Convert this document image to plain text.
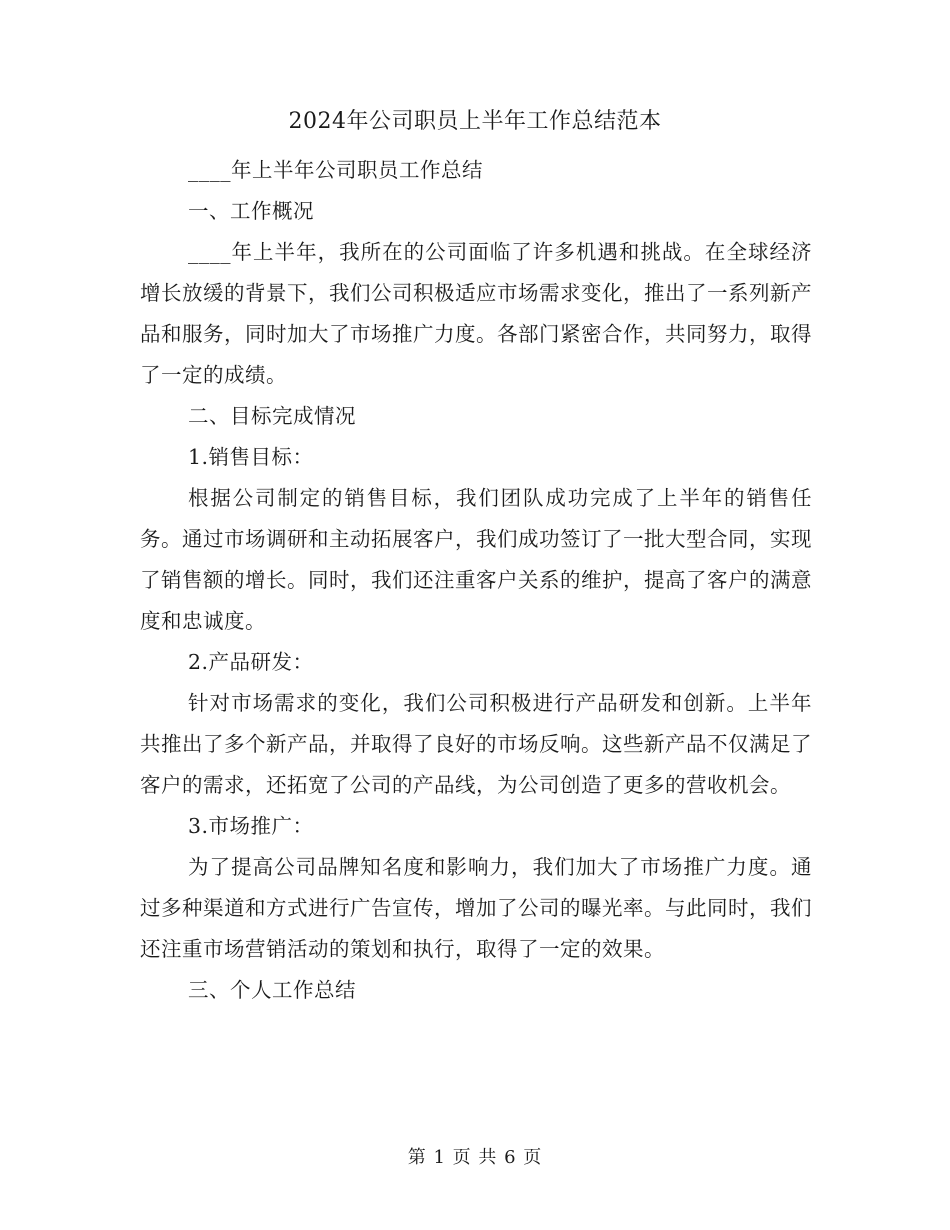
2024年公司职员上半年工作总结范本

____年上半年公司职员工作总结

一、工作概况

____年上半年，我所在的公司面临了许多机遇和挑战。在全球经济增长放缓的背景下，我们公司积极适应市场需求变化，推出了一系列新产品和服务，同时加大了市场推广力度。各部门紧密合作，共同努力，取得了一定的成绩。

二、目标完成情况

1.销售目标：

根据公司制定的销售目标，我们团队成功完成了上半年的销售任务。通过市场调研和主动拓展客户，我们成功签订了一批大型合同，实现了销售额的增长。同时，我们还注重客户关系的维护，提高了客户的满意度和忠诚度。

2.产品研发：

针对市场需求的变化，我们公司积极进行产品研发和创新。上半年共推出了多个新产品，并取得了良好的市场反响。这些新产品不仅满足了客户的需求，还拓宽了公司的产品线，为公司创造了更多的营收机会。

3.市场推广：

为了提高公司品牌知名度和影响力，我们加大了市场推广力度。通过多种渠道和方式进行广告宣传，增加了公司的曝光率。与此同时，我们还注重市场营销活动的策划和执行，取得了一定的效果。

三、个人工作总结

第 1 页 共 6 页
